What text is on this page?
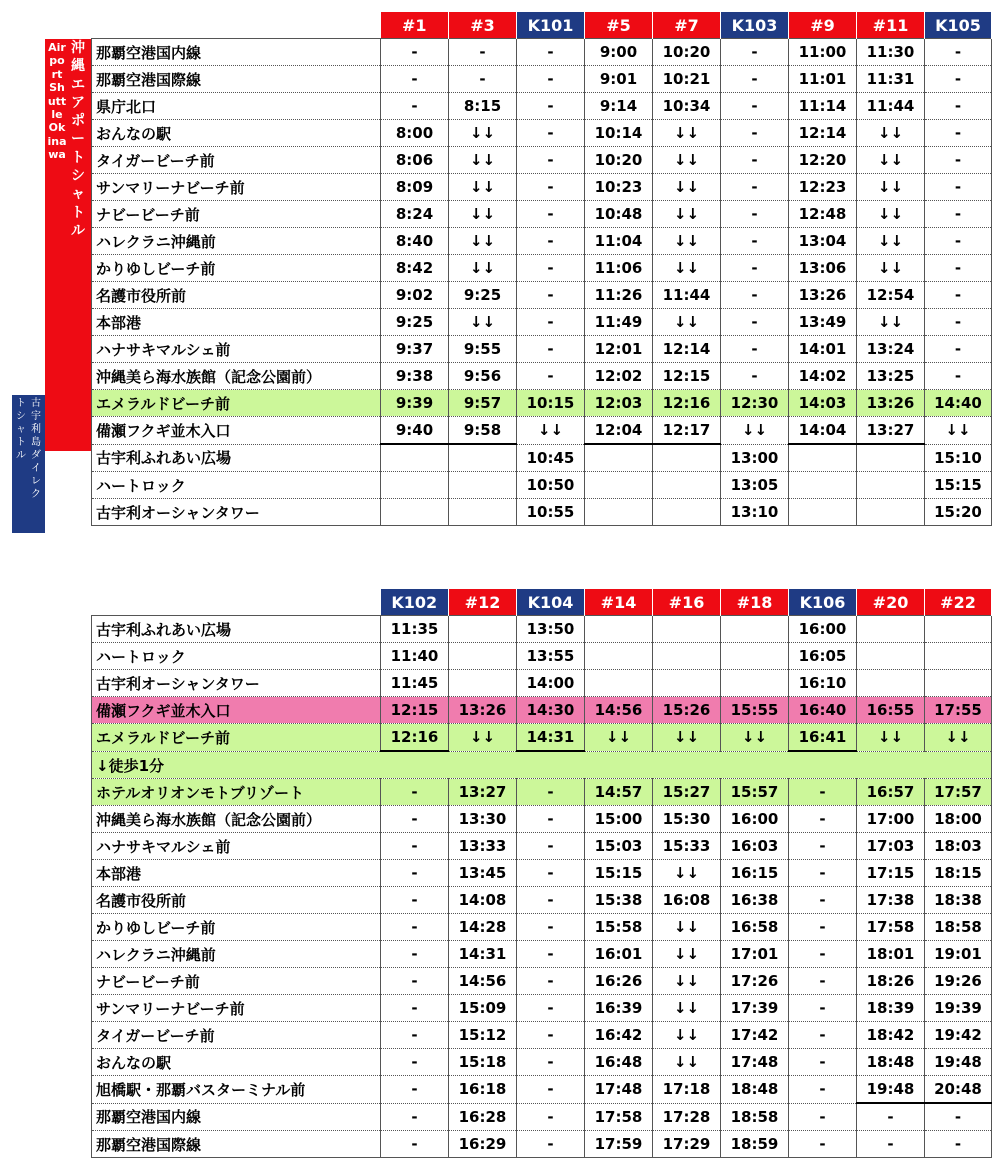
Airport Shuttle Okinawa
沖縄エアポートシャトル
古宇利島ダイレク
トシャトル
	#1	#3	K101	#5	#7	K103	#9	#11	K105
那覇空港国内線	-	-	-	9:00	10:20	-	11:00	11:30	-
那覇空港国際線	-	-	-	9:01	10:21	-	11:01	11:31	-
県庁北口	-	8:15	-	9:14	10:34	-	11:14	11:44	-
おんなの駅	8:00	↓↓	-	10:14	↓↓	-	12:14	↓↓	-
タイガービーチ前	8:06	↓↓	-	10:20	↓↓	-	12:20	↓↓	-
サンマリーナビーチ前	8:09	↓↓	-	10:23	↓↓	-	12:23	↓↓	-
ナビービーチ前	8:24	↓↓	-	10:48	↓↓	-	12:48	↓↓	-
ハレクラニ沖縄前	8:40	↓↓	-	11:04	↓↓	-	13:04	↓↓	-
かりゆしビーチ前	8:42	↓↓	-	11:06	↓↓	-	13:06	↓↓	-
名護市役所前	9:02	9:25	-	11:26	11:44	-	13:26	12:54	-
本部港	9:25	↓↓	-	11:49	↓↓	-	13:49	↓↓	-
ハナサキマルシェ前	9:37	9:55	-	12:01	12:14	-	14:01	13:24	-
沖縄美ら海水族館（記念公園前）	9:38	9:56	-	12:02	12:15	-	14:02	13:25	-
エメラルドビーチ前	9:39	9:57	10:15	12:03	12:16	12:30	14:03	13:26	14:40
備瀬フクギ並木入口	9:40	9:58	↓↓	12:04	12:17	↓↓	14:04	13:27	↓↓
古宇利ふれあい広場			10:45			13:00			15:10
ハートロック			10:50			13:05			15:15
古宇利オーシャンタワー			10:55			13:10			15:20
	K102	#12	K104	#14	#16	#18	K106	#20	#22
古宇利ふれあい広場	11:35		13:50				16:00		
ハートロック	11:40		13:55				16:05		
古宇利オーシャンタワー	11:45		14:00				16:10		
備瀬フクギ並木入口	12:15	13:26	14:30	14:56	15:26	15:55	16:40	16:55	17:55
エメラルドビーチ前	12:16	↓↓	14:31	↓↓	↓↓	↓↓	16:41	↓↓	↓↓
↓徒歩1分									
ホテルオリオンモトブリゾート	-	13:27	-	14:57	15:27	15:57	-	16:57	17:57
沖縄美ら海水族館（記念公園前）	-	13:30	-	15:00	15:30	16:00	-	17:00	18:00
ハナサキマルシェ前	-	13:33	-	15:03	15:33	16:03	-	17:03	18:03
本部港	-	13:45	-	15:15	↓↓	16:15	-	17:15	18:15
名護市役所前	-	14:08	-	15:38	16:08	16:38	-	17:38	18:38
かりゆしビーチ前	-	14:28	-	15:58	↓↓	16:58	-	17:58	18:58
ハレクラニ沖縄前	-	14:31	-	16:01	↓↓	17:01	-	18:01	19:01
ナビービーチ前	-	14:56	-	16:26	↓↓	17:26	-	18:26	19:26
サンマリーナビーチ前	-	15:09	-	16:39	↓↓	17:39	-	18:39	19:39
タイガービーチ前	-	15:12	-	16:42	↓↓	17:42	-	18:42	19:42
おんなの駅	-	15:18	-	16:48	↓↓	17:48	-	18:48	19:48
旭橋駅・那覇バスターミナル前	-	16:18	-	17:48	17:18	18:48	-	19:48	20:48
那覇空港国内線	-	16:28	-	17:58	17:28	18:58	-	-	-
那覇空港国際線	-	16:29	-	17:59	17:29	18:59	-	-	-
